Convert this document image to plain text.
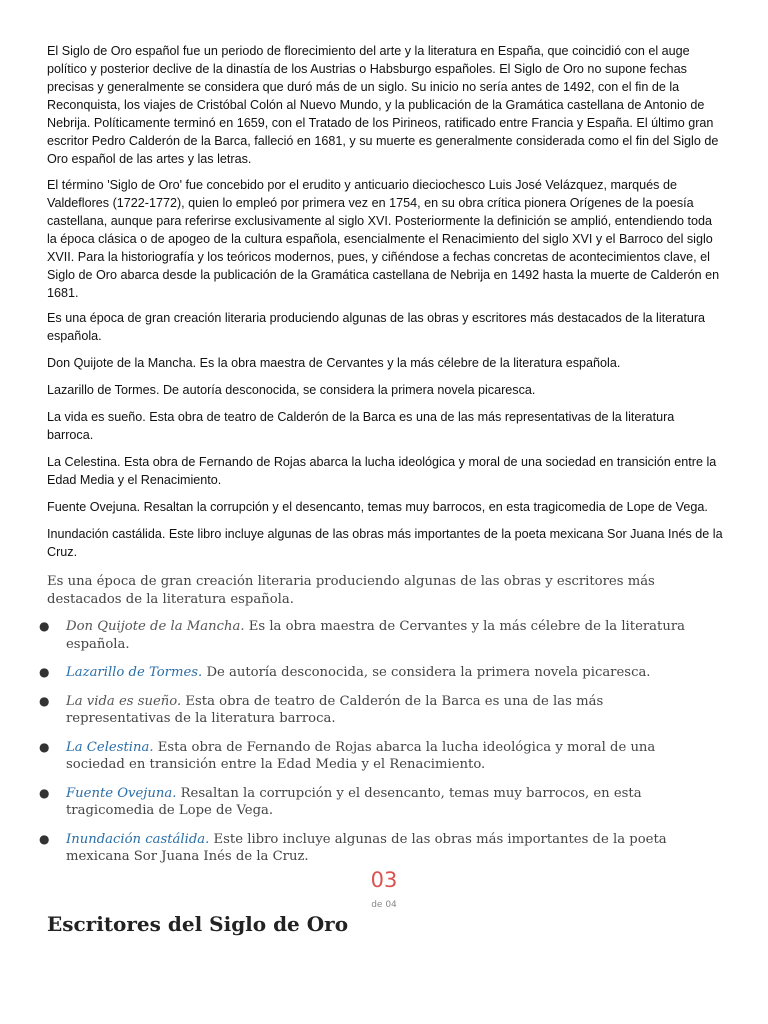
El Siglo de Oro español fue un periodo de florecimiento del arte y la literatura en España, que coincidió con el auge político y posterior declive de la dinastía de los Austrias o Habsburgo españoles. El Siglo de Oro no supone fechas precisas y generalmente se considera que duró más de un siglo. Su inicio no sería antes de 1492, con el fin de la Reconquista, los viajes de Cristóbal Colón al Nuevo Mundo, y la publicación de la Gramática castellana de Antonio de Nebrija. Políticamente terminó en 1659, con el Tratado de los Pirineos, ratificado entre Francia y España. El último gran escritor Pedro Calderón de la Barca, falleció en 1681, y su muerte es generalmente considerada como el fin del Siglo de Oro español de las artes y las letras.

El término 'Siglo de Oro' fue concebido por el erudito y anticuario dieciochesco Luis José Velázquez, marqués de Valdeflores (1722-1772), quien lo empleó por primera vez en 1754, en su obra crítica pionera Orígenes de la poesía castellana, aunque para referirse exclusivamente al siglo XVI. Posteriormente la definición se amplió, entendiendo toda la época clásica o de apogeo de la cultura española, esencialmente el Renacimiento del siglo XVI y el Barroco del siglo XVII. Para la historiografía y los teóricos modernos, pues, y ciñéndose a fechas concretas de acontecimientos clave, el Siglo de Oro abarca desde la publicación de la Gramática castellana de Nebrija en 1492 hasta la muerte de Calderón en 1681.

Es una época de gran creación literaria produciendo algunas de las obras y escritores más destacados de la literatura española.

Don Quijote de la Mancha. Es la obra maestra de Cervantes y la más célebre de la literatura española.

Lazarillo de Tormes. De autoría desconocida, se considera la primera novela picaresca.

La vida es sueño. Esta obra de teatro de Calderón de la Barca es una de las más representativas de la literatura barroca.

La Celestina. Esta obra de Fernando de Rojas abarca la lucha ideológica y moral de una sociedad en transición entre la Edad Media y el Renacimiento.

Fuente Ovejuna. Resaltan la corrupción y el desencanto, temas muy barrocos, en esta tragicomedia de Lope de Vega.

Inundación castálida. Este libro incluye algunas de las obras más importantes de la poeta mexicana Sor Juana Inés de la Cruz.

Es una época de gran creación literaria produciendo algunas de las obras y escritores más destacados de la literatura española.

● Don Quijote de la Mancha. Es la obra maestra de Cervantes y la más célebre de la literatura española.
● Lazarillo de Tormes. De autoría desconocida, se considera la primera novela picaresca.
● La vida es sueño. Esta obra de teatro de Calderón de la Barca es una de las más representativas de la literatura barroca.
● La Celestina. Esta obra de Fernando de Rojas abarca la lucha ideológica y moral de una sociedad en transición entre la Edad Media y el Renacimiento.
● Fuente Ovejuna. Resaltan la corrupción y el desencanto, temas muy barrocos, en esta tragicomedia de Lope de Vega.
● Inundación castálida. Este libro incluye algunas de las obras más importantes de la poeta mexicana Sor Juana Inés de la Cruz.
03
de 04
Escritores del Siglo de Oro
